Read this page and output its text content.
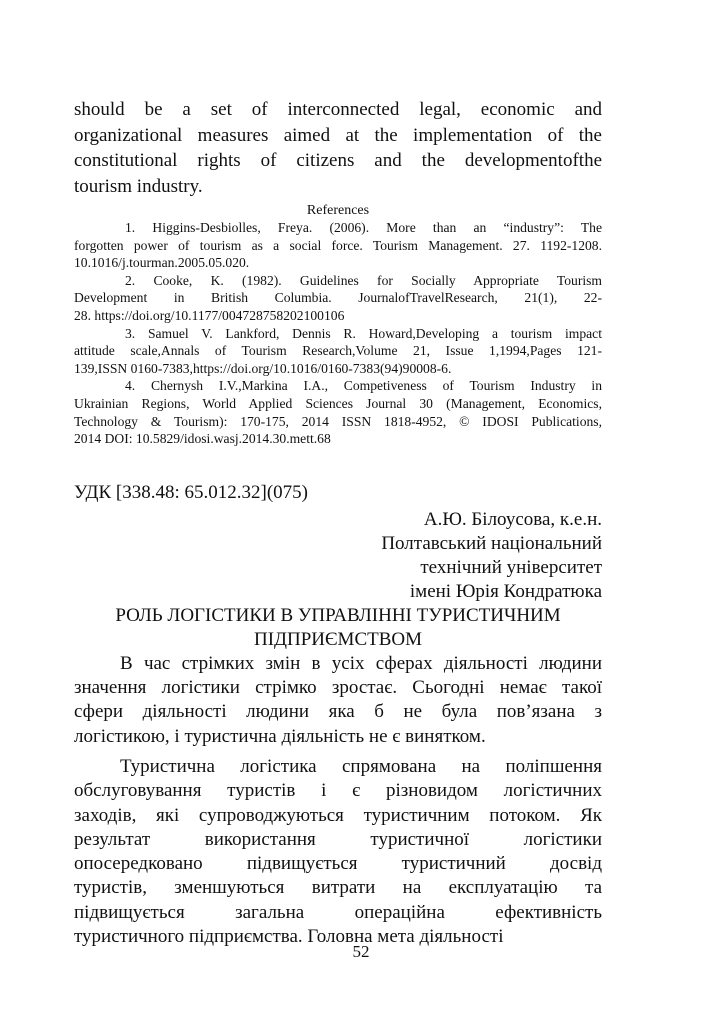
should be a set of interconnected legal, economic and
organizational measures aimed at the implementation of the
constitutional rights of citizens and the developmentofthe
tourism industry.
References
1. Higgins-Desbiolles, Freya. (2006). More than an “industry”: The
forgotten power of tourism as a social force. Tourism Management. 27. 1192-1208.
10.1016/j.tourman.2005.05.020.
2. Cooke, K. (1982). Guidelines for Socially Appropriate Tourism
Development in British Columbia. JournalofTravelResearch, 21(1), 22-
28. https://doi.org/10.1177/004728758202100106
3. Samuel V. Lankford, Dennis R. Howard,Developing a tourism impact
attitude scale,Annals of Tourism Research,Volume 21, Issue 1,1994,Pages 121-
139,ISSN 0160-7383,https://doi.org/10.1016/0160-7383(94)90008-6.
4. Chernysh I.V.,Markina I.A., Competiveness of Tourism Industry in
Ukrainian Regions, World Applied Sciences Journal 30 (Management, Economics,
Technology & Tourism): 170-175, 2014 ISSN 1818-4952, © IDOSI Publications,
2014 DOI: 10.5829/idosi.wasj.2014.30.mett.68
УДК [338.48: 65.012.32](075)
А.Ю. Білоусова, к.е.н.
Полтавський національний
технічний університет
імені Юрія Кондратюка
РОЛЬ ЛОГІСТИКИ В УПРАВЛІННІ ТУРИСТИЧНИМ
ПІДПРИЄМСТВОМ
В час стрімких змін в усіх сферах діяльності людини
значення логістики стрімко зростає. Сьогодні немає такої
сфери діяльності людини яка б не була пов’язана з
логістикою, і туристична діяльність не є винятком.
Туристична логістика спрямована на поліпшення
обслуговування туристів і є різновидом логістичних
заходів, які супроводжуються туристичним потоком. Як
результат використання туристичної логістики
опосередковано підвищується туристичний досвід
туристів, зменшуються витрати на експлуатацію та
підвищується загальна операційна ефективність
туристичного підприємства. Головна мета діяльності
52
